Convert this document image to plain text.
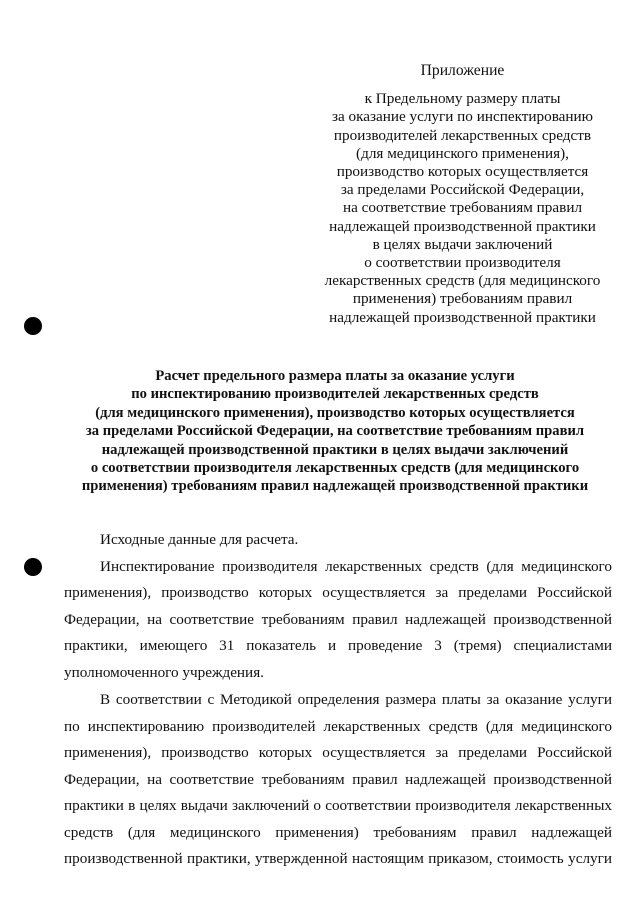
Приложение
к Предельному размеру платы
за оказание услуги по инспектированию
производителей лекарственных средств
(для медицинского применения),
производство которых осуществляется
за пределами Российской Федерации,
на соответствие требованиям правил
надлежащей производственной практики
в целях выдачи заключений
о соответствии производителя
лекарственных средств (для медицинского
применения) требованиям правил
надлежащей производственной практики
Расчет предельного размера платы за оказание услуги
по инспектированию производителей лекарственных средств
(для медицинского применения), производство которых осуществляется
за пределами Российской Федерации, на соответствие требованиям правил
надлежащей производственной практики в целях выдачи заключений
о соответствии производителя лекарственных средств (для медицинского
применения) требованиям правил надлежащей производственной практики
Исходные данные для расчета.
Инспектирование производителя лекарственных средств (для медицинского
применения), производство которых осуществляется за пределами Российской
Федерации, на соответствие требованиям правил надлежащей производственной
практики, имеющего 31 показатель и проведение 3 (тремя) специалистами
уполномоченного учреждения.
В соответствии с Методикой определения размера платы за оказание услуги
по инспектированию производителей лекарственных средств (для медицинского
применения), производство которых осуществляется за пределами Российской
Федерации, на соответствие требованиям правил надлежащей производственной
практики в целях выдачи заключений о соответствии производителя лекарственных
средств (для медицинского применения) требованиям правил надлежащей
производственной практики, утвержденной настоящим приказом, стоимость услуги
